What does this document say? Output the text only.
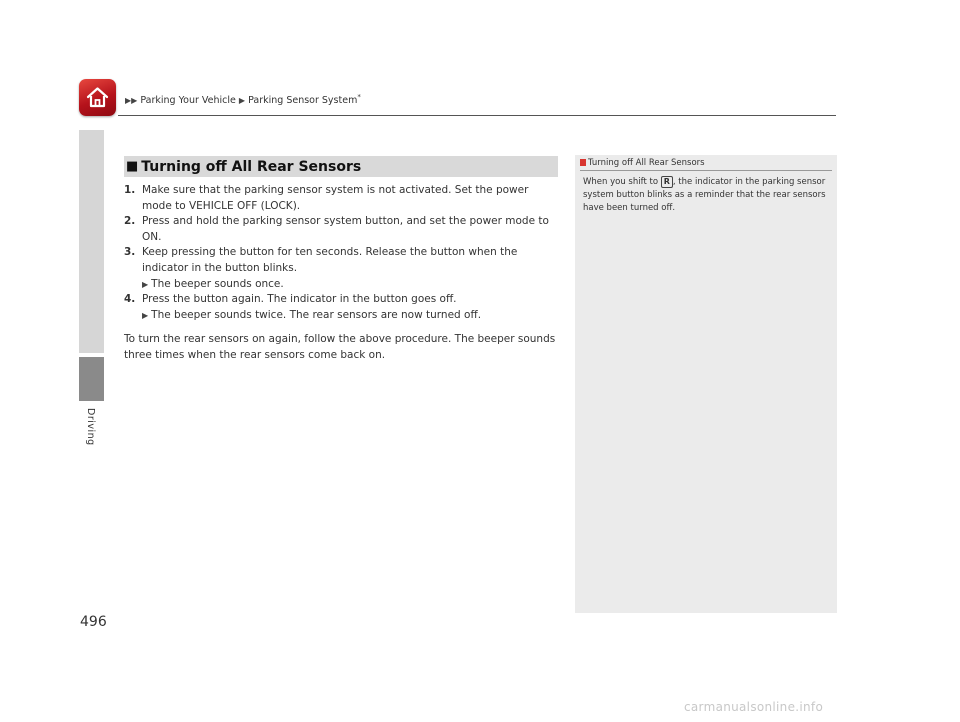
▶▶ Parking Your Vehicle ▶ Parking Sensor System*
Driving
496
■ Turning off All Rear Sensors
1. Make sure that the parking sensor system is not activated. Set the power mode to VEHICLE OFF (LOCK).
2. Press and hold the parking sensor system button, and set the power mode to ON.
3. Keep pressing the button for ten seconds. Release the button when the indicator in the button blinks.
▶ The beeper sounds once.
4. Press the button again. The indicator in the button goes off.
▶ The beeper sounds twice. The rear sensors are now turned off.
To turn the rear sensors on again, follow the above procedure. The beeper sounds three times when the rear sensors come back on.
Turning off All Rear Sensors
When you shift to R , the indicator in the parking sensor system button blinks as a reminder that the rear sensors have been turned off.
carmanualsonline.info
